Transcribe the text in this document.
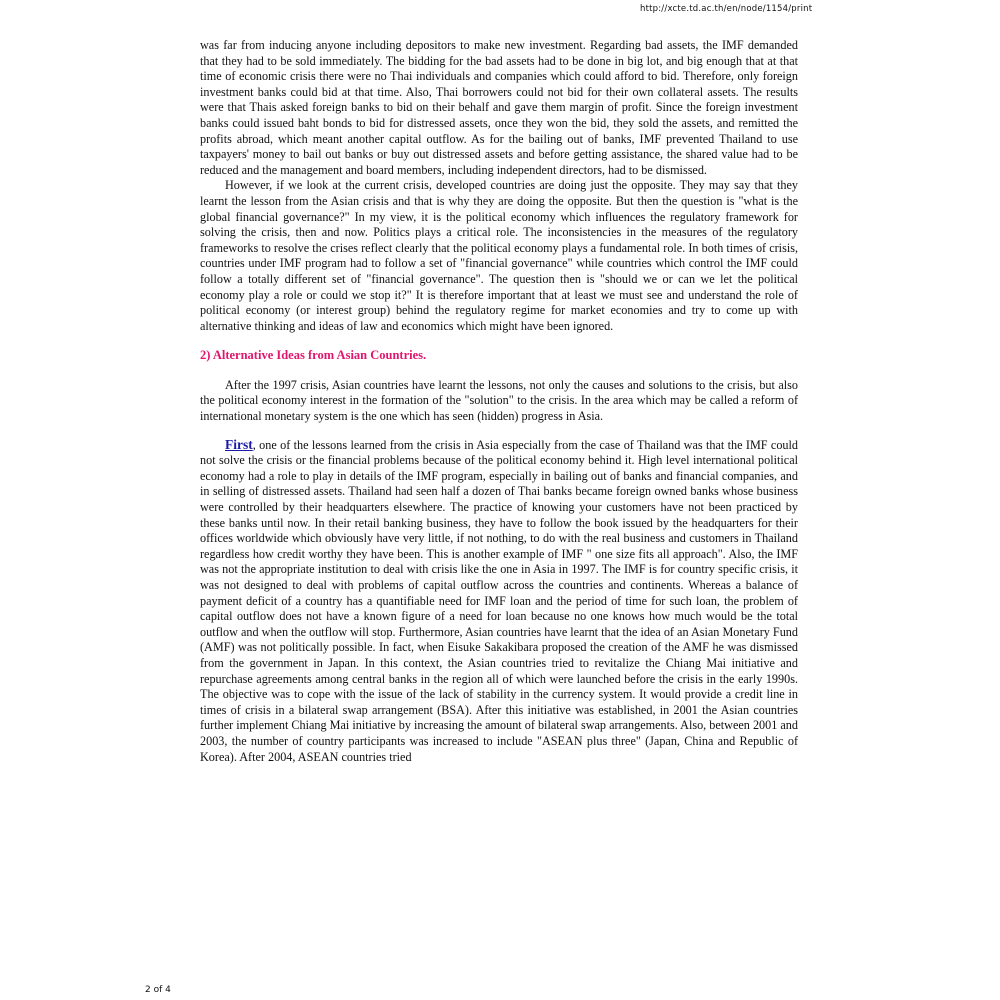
http://xcte.td.ac.th/en/node/1154/print

was far from inducing anyone including depositors to make new investment. Regarding bad assets, the IMF demanded that they had to be sold immediately. The bidding for the bad assets had to be done in big lot, and big enough that at that time of economic crisis there were no Thai individuals and companies which could afford to bid. Therefore, only foreign investment banks could bid at that time. Also, Thai borrowers could not bid for their own collateral assets. The results were that Thais asked foreign banks to bid on their behalf and gave them margin of profit. Since the foreign investment banks could issued baht bonds to bid for distressed assets, once they won the bid, they sold the assets, and remitted the profits abroad, which meant another capital outflow. As for the bailing out of banks, IMF prevented Thailand to use taxpayers' money to bail out banks or buy out distressed assets and before getting assistance, the shared value had to be reduced and the management and board members, including independent directors, had to be dismissed.

However, if we look at the current crisis, developed countries are doing just the opposite. They may say that they learnt the lesson from the Asian crisis and that is why they are doing the opposite. But then the question is "what is the global financial governance?" In my view, it is the political economy which influences the regulatory framework for solving the crisis, then and now. Politics plays a critical role. The inconsistencies in the measures of the regulatory frameworks to resolve the crises reflect clearly that the political economy plays a fundamental role. In both times of crisis, countries under IMF program had to follow a set of "financial governance" while countries which control the IMF could follow a totally different set of "financial governance". The question then is "should we or can we let the political economy play a role or could we stop it?" It is therefore important that at least we must see and understand the role of political economy (or interest group) behind the regulatory regime for market economies and try to come up with alternative thinking and ideas of law and economics which might have been ignored.

2) Alternative Ideas from Asian Countries.

After the 1997 crisis, Asian countries have learnt the lessons, not only the causes and solutions to the crisis, but also the political economy interest in the formation of the "solution" to the crisis. In the area which may be called a reform of international monetary system is the one which has seen (hidden) progress in Asia.

First, one of the lessons learned from the crisis in Asia especially from the case of Thailand was that the IMF could not solve the crisis or the financial problems because of the political economy behind it. High level international political economy had a role to play in details of the IMF program, especially in bailing out of banks and financial companies, and in selling of distressed assets. Thailand had seen half a dozen of Thai banks became foreign owned banks whose business were controlled by their headquarters elsewhere. The practice of knowing your customers have not been practiced by these banks until now. In their retail banking business, they have to follow the book issued by the headquarters for their offices worldwide which obviously have very little, if not nothing, to do with the real business and customers in Thailand regardless how credit worthy they have been. This is another example of IMF " one size fits all approach". Also, the IMF was not the appropriate institution to deal with crisis like the one in Asia in 1997. The IMF is for country specific crisis, it was not designed to deal with problems of capital outflow across the countries and continents. Whereas a balance of payment deficit of a country has a quantifiable need for IMF loan and the period of time for such loan, the problem of capital outflow does not have a known figure of a need for loan because no one knows how much would be the total outflow and when the outflow will stop. Furthermore, Asian countries have learnt that the idea of an Asian Monetary Fund (AMF) was not politically possible. In fact, when Eisuke Sakakibara proposed the creation of the AMF he was dismissed from the government in Japan. In this context, the Asian countries tried to revitalize the Chiang Mai initiative and repurchase agreements among central banks in the region all of which were launched before the crisis in the early 1990s. The objective was to cope with the issue of the lack of stability in the currency system. It would provide a credit line in times of crisis in a bilateral swap arrangement (BSA). After this initiative was established, in 2001 the Asian countries further implement Chiang Mai initiative by increasing the amount of bilateral swap arrangements. Also, between 2001 and 2003, the number of country participants was increased to include "ASEAN plus three" (Japan, China and Republic of Korea). After 2004, ASEAN countries tried

2 of 4
